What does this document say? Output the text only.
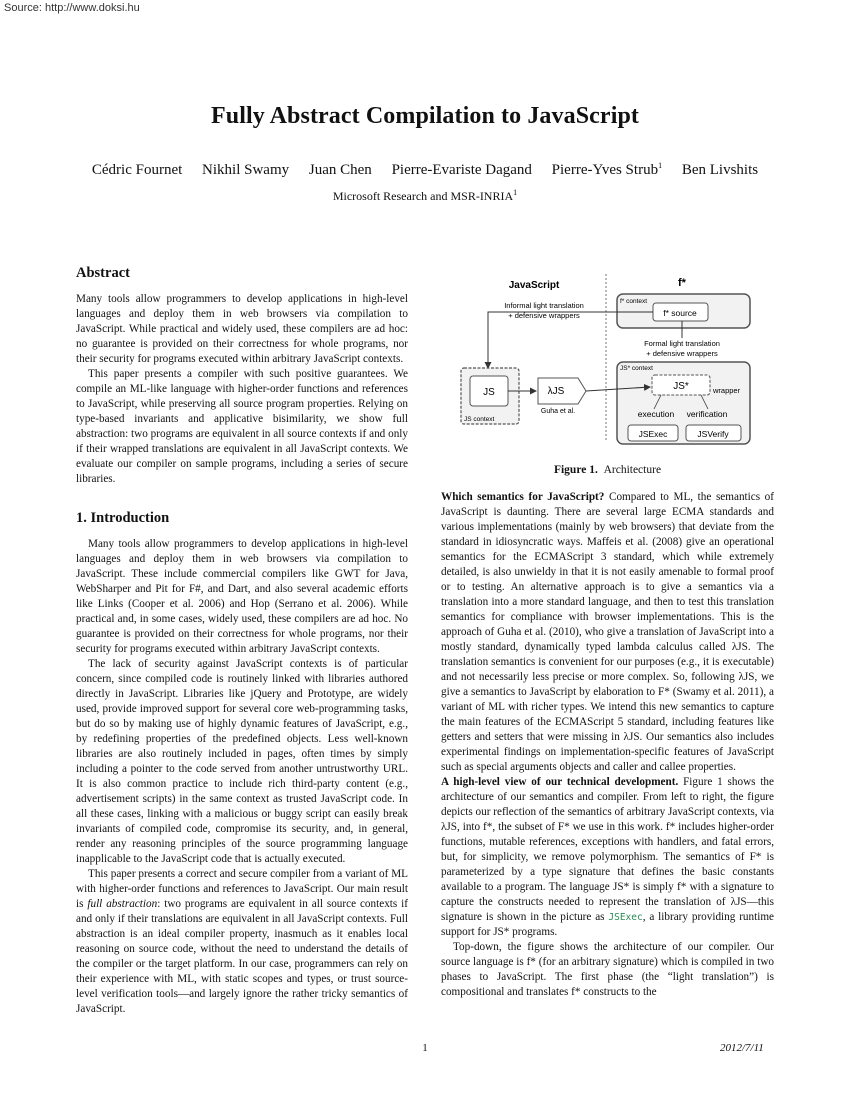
Source: http://www.doksi.hu
Fully Abstract Compilation to JavaScript
Cédric Fournet Nikhil Swamy Juan Chen Pierre-Evariste Dagand Pierre-Yves Strub$^1$ Ben Livshits
Microsoft Research and MSR-INRIA$^1$
Abstract

Many tools allow programmers to develop applications in high-level languages and deploy them in web browsers via compilation to JavaScript. While practical and widely used, these compilers are ad hoc: no guarantee is provided on their correctness for whole programs, nor their security for programs executed within arbitrary JavaScript contexts.

This paper presents a compiler with such positive guarantees. We compile an ML-like language with higher-order functions and references to JavaScript, while preserving all source program properties. Relying on type-based invariants and applicative bisimilarity, we show full abstraction: two programs are equivalent in all source contexts if and only if their wrapped translations are equivalent in all JavaScript contexts. We evaluate our compiler on sample programs, including a series of secure libraries.

1. Introduction

Many tools allow programmers to develop applications in high-level languages and deploy them in web browsers via compilation to JavaScript. These include commercial compilers like GWT for Java, WebSharper and Pit for F#, and Dart, and also several academic efforts like Links (Cooper et al. 2006) and Hop (Serrano et al. 2006). While practical and, in some cases, widely used, these compilers are ad hoc. No guarantee is provided on their correctness for whole programs, nor their security for programs executed within arbitrary JavaScript contexts.

The lack of security against JavaScript contexts is of particular concern, since compiled code is routinely linked with libraries authored directly in JavaScript. Libraries like jQuery and Prototype, are widely used, provide improved support for several core web-programming tasks, but do so by making use of highly dynamic features of JavaScript, e.g., by redefining properties of the predefined objects. Less well-known libraries are also routinely included in pages, often times by simply including a pointer to the code served from another untrustworthy URL. It is also common practice to include rich third-party content (e.g., advertisement scripts) in the same context as trusted JavaScript code. In all these cases, linking with a malicious or buggy script can easily break invariants of compiled code, compromise its security, and, in general, render any reasoning principles of the source programming language inapplicable to the JavaScript code that is actually executed.

This paper presents a correct and secure compiler from a variant of ML with higher-order functions and references to JavaScript. Our main result is full abstraction: two programs are equivalent in all source contexts if and only if their translations are equivalent in all JavaScript contexts. Full abstraction is an ideal compiler property, inasmuch as it enables local reasoning on source code, without the need to understand the details of the compiler or the target platform. In our case, programmers can rely on their experience with ML, with static scopes and types, or trust source-level verification tools—and largely ignore the rather tricky semantics of JavaScript.

JavaScript	f*
Informal light translation
+ defensive wrappers
f* context
f* source
Formal light translation
+ defensive wrappers
JS* context
JS*	wrapper
execution verification
JSExec	JSVerify
JS
JS context
λJS
Guha et al.
Figure 1. Architecture

Which semantics for JavaScript? Compared to ML, the semantics of JavaScript is daunting. There are several large ECMA standards and various implementations (mainly by web browsers) that deviate from the standard in idiosyncratic ways. Maffeis et al. (2008) give an operational semantics for the ECMAScript 3 standard, which while extremely detailed, is also unwieldy in that it is not easily amenable to formal proof or to testing. An alternative approach is to give a semantics via a translation into a more standard language, and then to test this translation semantics for compliance with browser implementations. This is the approach of Guha et al. (2010), who give a translation of JavaScript into a mostly standard, dynamically typed lambda calculus called λJS. The translation semantics is convenient for our purposes (e.g., it is executable) and not necessarily less precise or more complex. So, following λJS, we give a semantics to JavaScript by elaboration to F* (Swamy et al. 2011), a variant of ML with richer types. We intend this new semantics to capture the main features of the ECMAScript 5 standard, including features like getters and setters that were missing in λJS. Our semantics also includes experimental findings on implementation-specific features of JavaScript such as special arguments objects and caller and callee properties.

A high-level view of our technical development. Figure 1 shows the architecture of our semantics and compiler. From left to right, the figure depicts our reflection of the semantics of arbitrary JavaScript contexts, via λJS, into f*, the subset of F* we use in this work. f* includes higher-order functions, mutable references, exceptions with handlers, and fatal errors, but, for simplicity, we remove polymorphism. The semantics of F* is parameterized by a type signature that defines the basic constants available to a program. The language JS* is simply f* with a signature to capture the constructs needed to represent the translation of λJS—this signature is shown in the picture as JSExec, a library providing runtime support for JS* programs.

Top-down, the figure shows the architecture of our compiler. Our source language is f* (for an arbitrary signature) which is compiled in two phases to JavaScript. The first phase (the “light translation”) is compositional and translates f* constructs to the

1	2012/7/11
